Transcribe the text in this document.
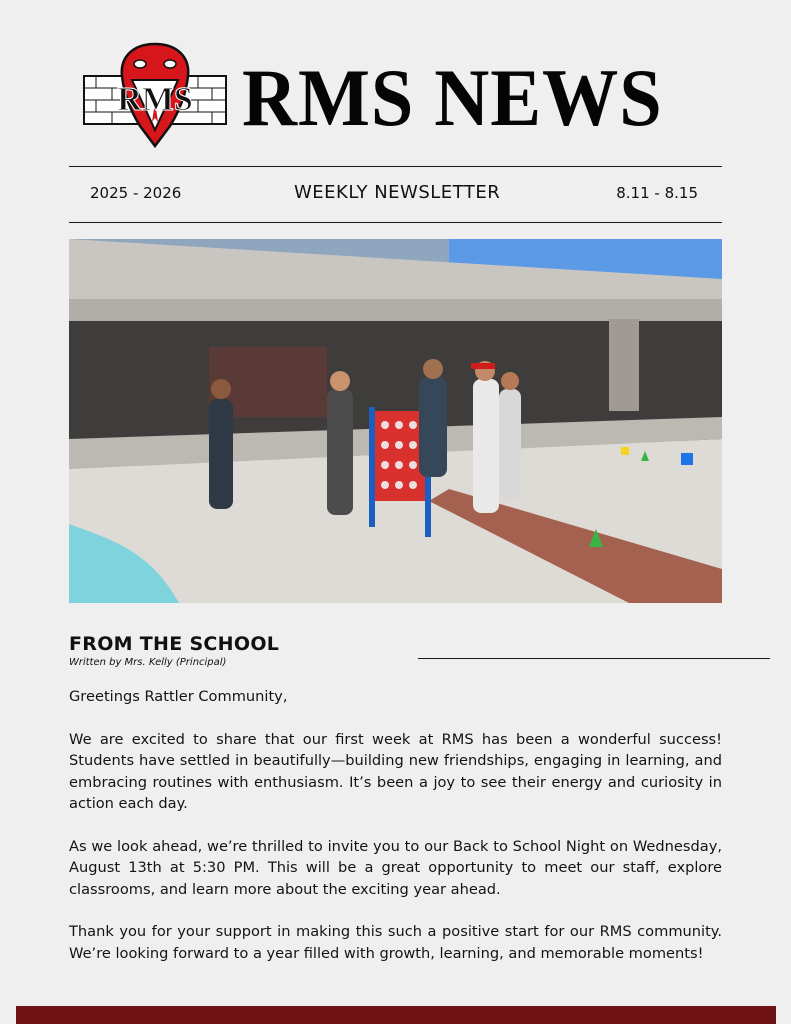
RMS RMS NEWS
2025 - 2026	WEEKLY NEWSLETTER	8.11 - 8.15
FROM THE SCHOOL
Written by Mrs. Kelly (Principal)

Greetings Rattler Community,

We are excited to share that our first week at RMS has been a wonderful success! Students have settled in beautifully—building new friendships, engaging in learning, and embracing routines with enthusiasm. It’s been a joy to see their energy and curiosity in action each day.

As we look ahead, we’re thrilled to invite you to our Back to School Night on Wednesday, August 13th at 5:30 PM. This will be a great opportunity to meet our staff, explore classrooms, and learn more about the exciting year ahead.

Thank you for your support in making this such a positive start for our RMS community. We’re looking forward to a year filled with growth, learning, and memorable moments!
